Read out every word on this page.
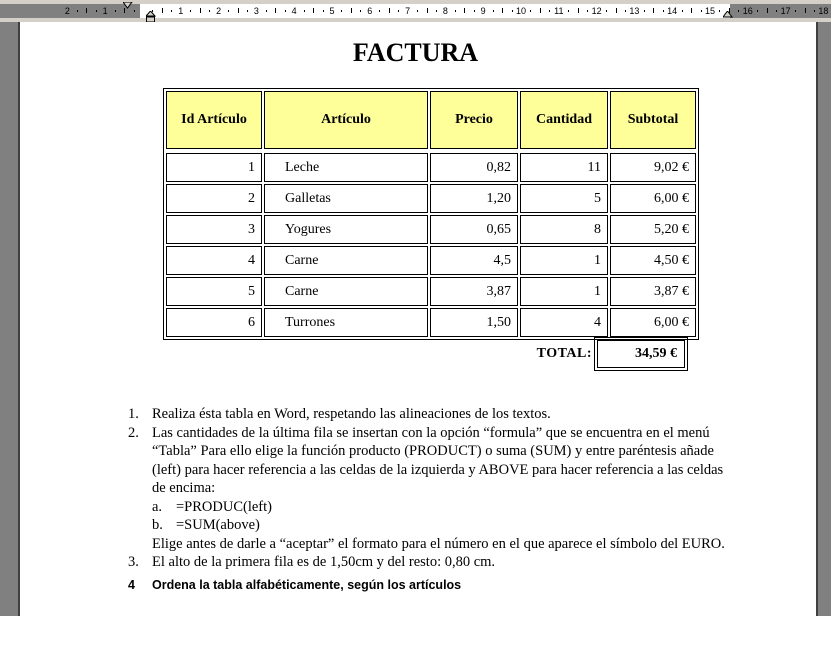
2	1	1	2	3	4	5	6	7	8	9	10	11	12	13	14	15	16	17	18
FACTURA
Id Artículo	Artículo	Precio	Cantidad	Subtotal

1	Leche	0,82	11	9,02 €
2	Galletas	1,20	5	6,00 €
3	Yogures	0,65	8	5,20 €
4	Carne	4,5	1	4,50 €
5	Carne	3,87	1	3,87 €
6	Turrones	1,50	4	6,00 €
TOTAL:	34,59 €
1. Realiza ésta tabla en Word, respetando las alineaciones de los textos.
2. Las cantidades de la última fila se insertan con la opción “formula” que se encuentra en el menú “Tabla” Para ello elige la función producto (PRODUCT) o suma (SUM) y entre paréntesis añade (left) para hacer referencia a las celdas de la izquierda y ABOVE para hacer referencia a las celdas de encima:
a. =PRODUC(left)
b. =SUM(above)
Elige antes de darle a “aceptar” el formato para el número en el que aparece el símbolo del EURO.
3. El alto de la primera fila es de 1,50cm y del resto: 0,80 cm.
4 Ordena la tabla alfabéticamente, según los artículos
